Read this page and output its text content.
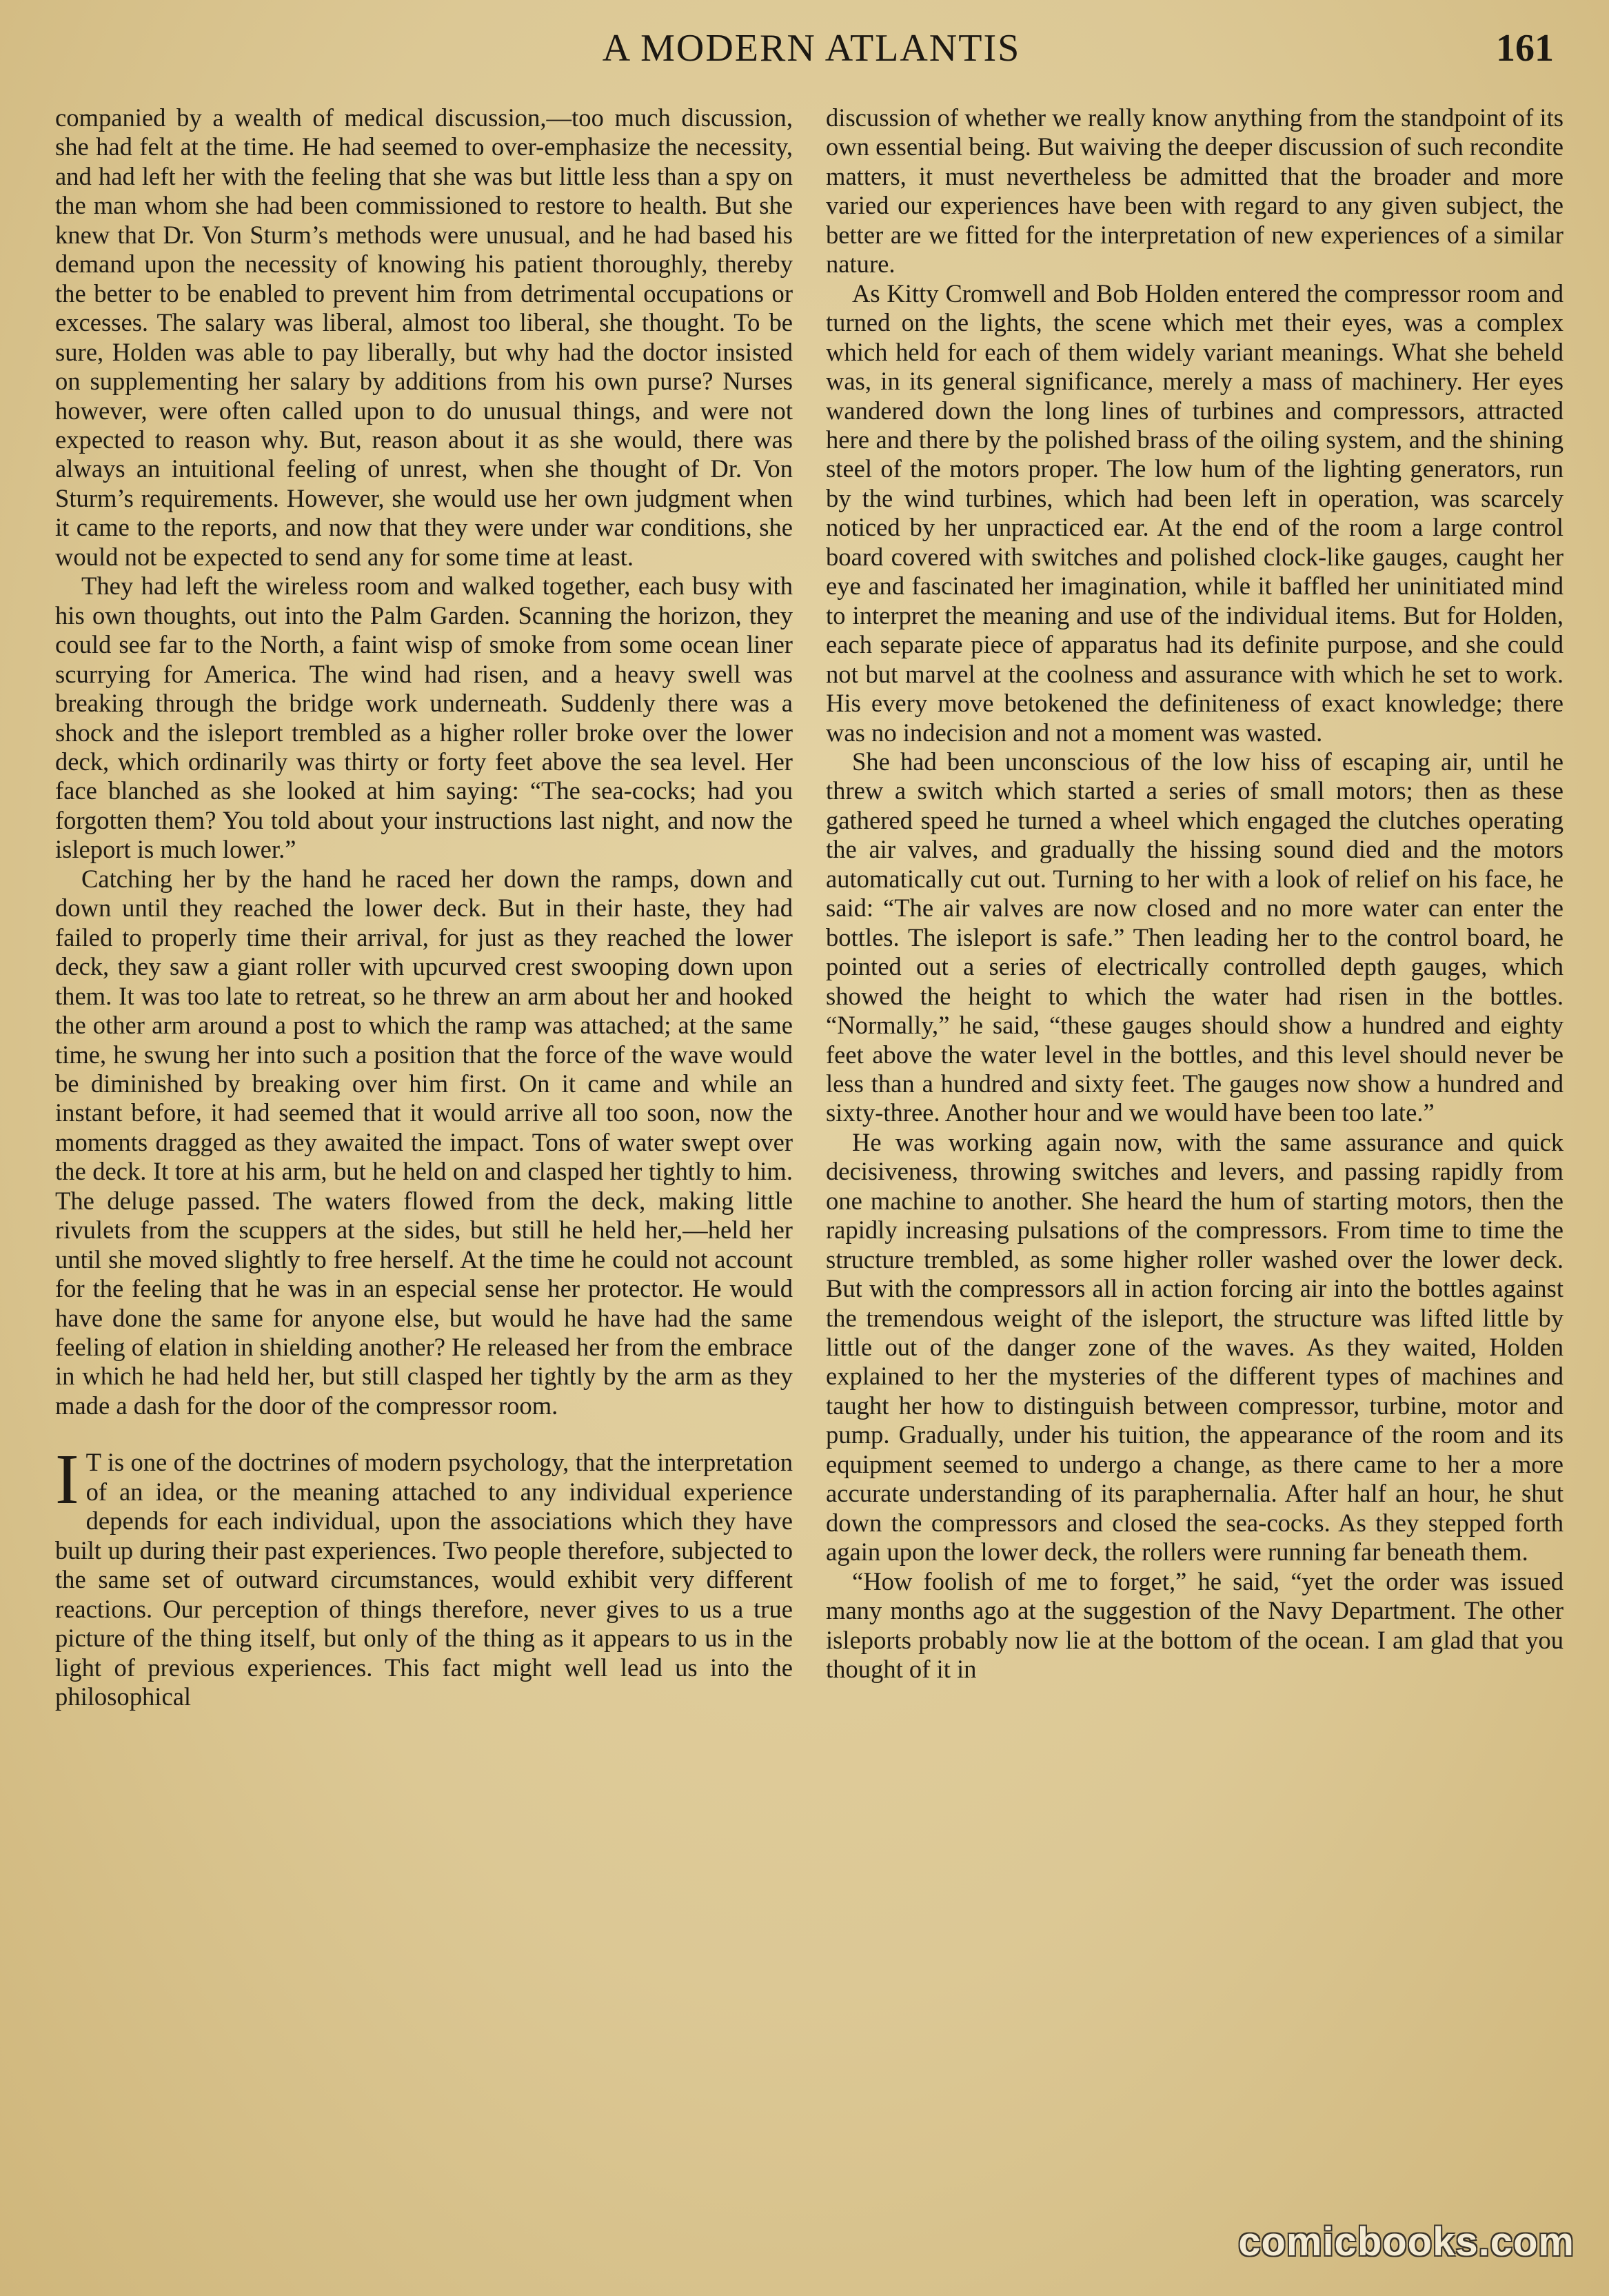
A MODERN ATLANTIS	161

companied by a wealth of medical discussion,—too much discussion, she had felt at the time. He had seemed to over-emphasize the necessity, and had left her with the feeling that she was but little less than a spy on the man whom she had been commissioned to restore to health. But she knew that Dr. Von Sturm’s methods were unusual, and he had based his demand upon the necessity of knowing his patient thoroughly, thereby the better to be enabled to prevent him from detrimental occupations or excesses. The salary was liberal, almost too liberal, she thought. To be sure, Holden was able to pay liberally, but why had the doctor insisted on supplementing her salary by additions from his own purse? Nurses however, were often called upon to do unusual things, and were not expected to reason why. But, reason about it as she would, there was always an intuitional feeling of unrest, when she thought of Dr. Von Sturm’s requirements. However, she would use her own judgment when it came to the reports, and now that they were under war conditions, she would not be expected to send any for some time at least.

They had left the wireless room and walked together, each busy with his own thoughts, out into the Palm Garden. Scanning the horizon, they could see far to the North, a faint wisp of smoke from some ocean liner scurrying for America. The wind had risen, and a heavy swell was breaking through the bridge work underneath. Suddenly there was a shock and the isleport trembled as a higher roller broke over the lower deck, which ordinarily was thirty or forty feet above the sea level. Her face blanched as she looked at him saying: “The sea-cocks; had you forgotten them? You told about your instructions last night, and now the isleport is much lower.”

Catching her by the hand he raced her down the ramps, down and down until they reached the lower deck. But in their haste, they had failed to properly time their arrival, for just as they reached the lower deck, they saw a giant roller with upcurved crest swooping down upon them. It was too late to retreat, so he threw an arm about her and hooked the other arm around a post to which the ramp was attached; at the same time, he swung her into such a position that the force of the wave would be diminished by breaking over him first. On it came and while an instant before, it had seemed that it would arrive all too soon, now the moments dragged as they awaited the impact. Tons of water swept over the deck. It tore at his arm, but he held on and clasped her tightly to him. The deluge passed. The waters flowed from the deck, making little rivulets from the scuppers at the sides, but still he held her,—held her until she moved slightly to free herself. At the time he could not account for the feeling that he was in an especial sense her protector. He would have done the same for anyone else, but would he have had the same feeling of elation in shielding another? He released her from the embrace in which he had held her, but still clasped her tightly by the arm as they made a dash for the door of the compressor room.

I T is one of the doctrines of modern psychology, that the interpretation of an idea, or the meaning attached to any individual experience depends for each individual, upon the associations which they have built up during their past experiences. Two people therefore, subjected to the same set of outward circumstances, would exhibit very different reactions. Our perception of things therefore, never gives to us a true picture of the thing itself, but only of the thing as it appears to us in the light of previous experiences. This fact might well lead us into the philosophical

discussion of whether we really know anything from the standpoint of its own essential being. But waiving the deeper discussion of such recondite matters, it must nevertheless be admitted that the broader and more varied our experiences have been with regard to any given subject, the better are we fitted for the interpretation of new experiences of a similar nature.

As Kitty Cromwell and Bob Holden entered the compressor room and turned on the lights, the scene which met their eyes, was a complex which held for each of them widely variant meanings. What she beheld was, in its general significance, merely a mass of machinery. Her eyes wandered down the long lines of turbines and compressors, attracted here and there by the polished brass of the oiling system, and the shining steel of the motors proper. The low hum of the lighting generators, run by the wind turbines, which had been left in operation, was scarcely noticed by her unpracticed ear. At the end of the room a large control board covered with switches and polished clock-like gauges, caught her eye and fascinated her imagination, while it baffled her uninitiated mind to interpret the meaning and use of the individual items. But for Holden, each separate piece of apparatus had its definite purpose, and she could not but marvel at the coolness and assurance with which he set to work. His every move betokened the definiteness of exact knowledge; there was no indecision and not a moment was wasted.

She had been unconscious of the low hiss of escaping air, until he threw a switch which started a series of small motors; then as these gathered speed he turned a wheel which engaged the clutches operating the air valves, and gradually the hissing sound died and the motors automatically cut out. Turning to her with a look of relief on his face, he said: “The air valves are now closed and no more water can enter the bottles. The isleport is safe.” Then leading her to the control board, he pointed out a series of electrically controlled depth gauges, which showed the height to which the water had risen in the bottles. “Normally,” he said, “these gauges should show a hundred and eighty feet above the water level in the bottles, and this level should never be less than a hundred and sixty feet. The gauges now show a hundred and sixty-three. Another hour and we would have been too late.”

He was working again now, with the same assurance and quick decisiveness, throwing switches and levers, and passing rapidly from one machine to another. She heard the hum of starting motors, then the rapidly increasing pulsations of the compressors. From time to time the structure trembled, as some higher roller washed over the lower deck. But with the compressors all in action forcing air into the bottles against the tremendous weight of the isleport, the structure was lifted little by little out of the danger zone of the waves. As they waited, Holden explained to her the mysteries of the different types of machines and taught her how to distinguish between compressor, turbine, motor and pump. Gradually, under his tuition, the appearance of the room and its equipment seemed to undergo a change, as there came to her a more accurate understanding of its paraphernalia. After half an hour, he shut down the compressors and closed the sea-cocks. As they stepped forth again upon the lower deck, the rollers were running far beneath them.

“How foolish of me to forget,” he said, “yet the order was issued many months ago at the suggestion of the Navy Department. The other isleports probably now lie at the bottom of the ocean. I am glad that you thought of it in

comicbooks.com
